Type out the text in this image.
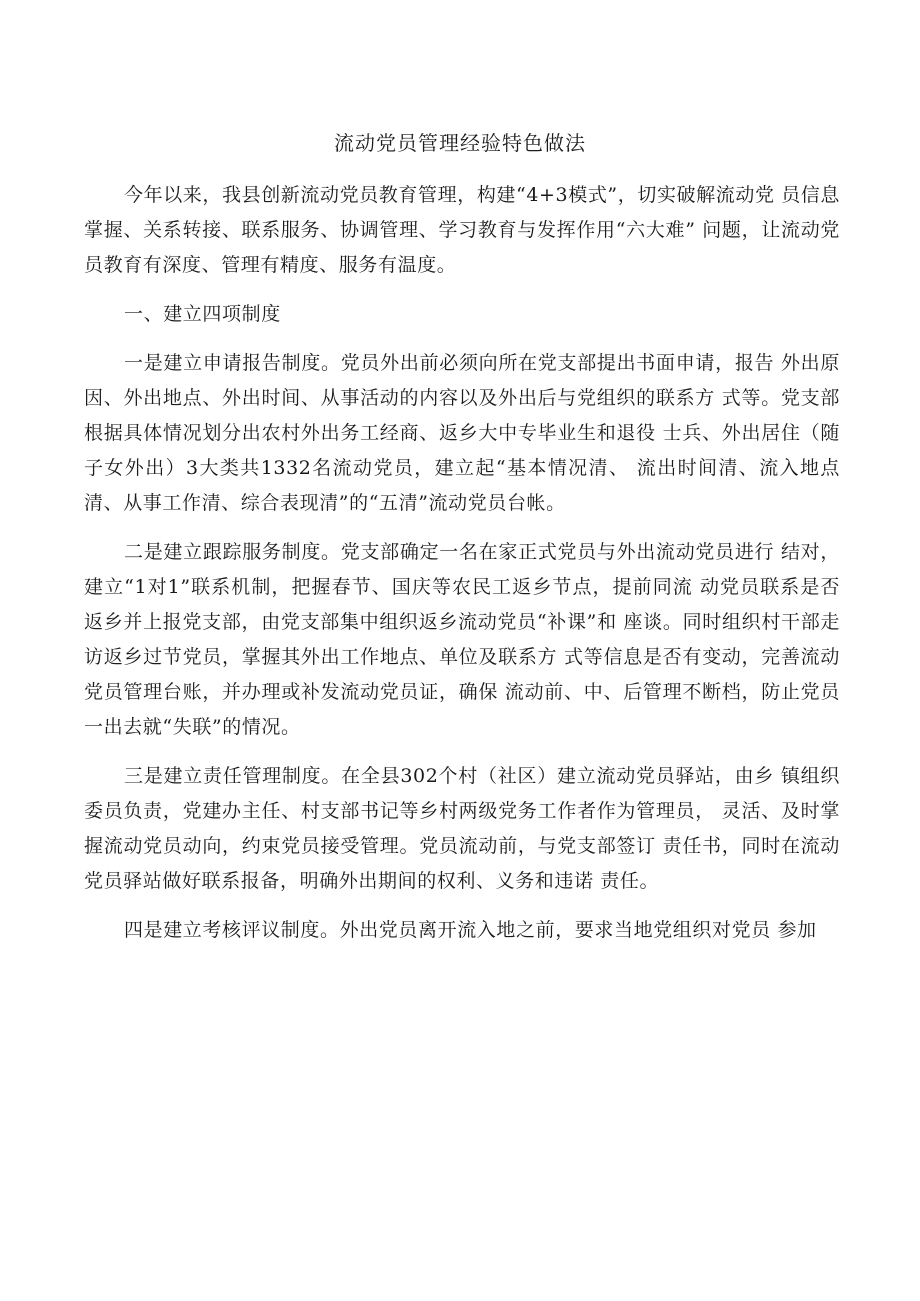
流动党员管理经验特色做法

今年以来，我县创新流动党员教育管理，构建“4+3模式”，切实破解流动党 员信息掌握、关系转接、联系服务、协调管理、学习教育与发挥作用“六大难” 问题，让流动党员教育有深度、管理有精度、服务有温度。

一、建立四项制度

一是建立申请报告制度。党员外出前必须向所在党支部提出书面申请，报告 外出原因、外出地点、外出时间、从事活动的内容以及外出后与党组织的联系方 式等。党支部根据具体情况划分出农村外出务工经商、返乡大中专毕业生和退役 士兵、外出居住（随子女外出）3大类共1332名流动党员，建立起“基本情况清、 流出时间清、流入地点清、从事工作清、综合表现清”的“五清”流动党员台帐。

二是建立跟踪服务制度。党支部确定一名在家正式党员与外出流动党员进行 结对，建立“1对1”联系机制，把握春节、国庆等农民工返乡节点，提前同流 动党员联系是否返乡并上报党支部，由党支部集中组织返乡流动党员“补课”和 座谈。同时组织村干部走访返乡过节党员，掌握其外出工作地点、单位及联系方 式等信息是否有变动，完善流动党员管理台账，并办理或补发流动党员证，确保 流动前、中、后管理不断档，防止党员一出去就“失联”的情况。

三是建立责任管理制度。在全县302个村（社区）建立流动党员驿站，由乡 镇组织委员负责，党建办主任、村支部书记等乡村两级党务工作者作为管理员， 灵活、及时掌握流动党员动向，约束党员接受管理。党员流动前，与党支部签订 责任书，同时在流动党员驿站做好联系报备，明确外出期间的权利、义务和违诺 责任。

四是建立考核评议制度。外出党员离开流入地之前，要求当地党组织对党员 参加
